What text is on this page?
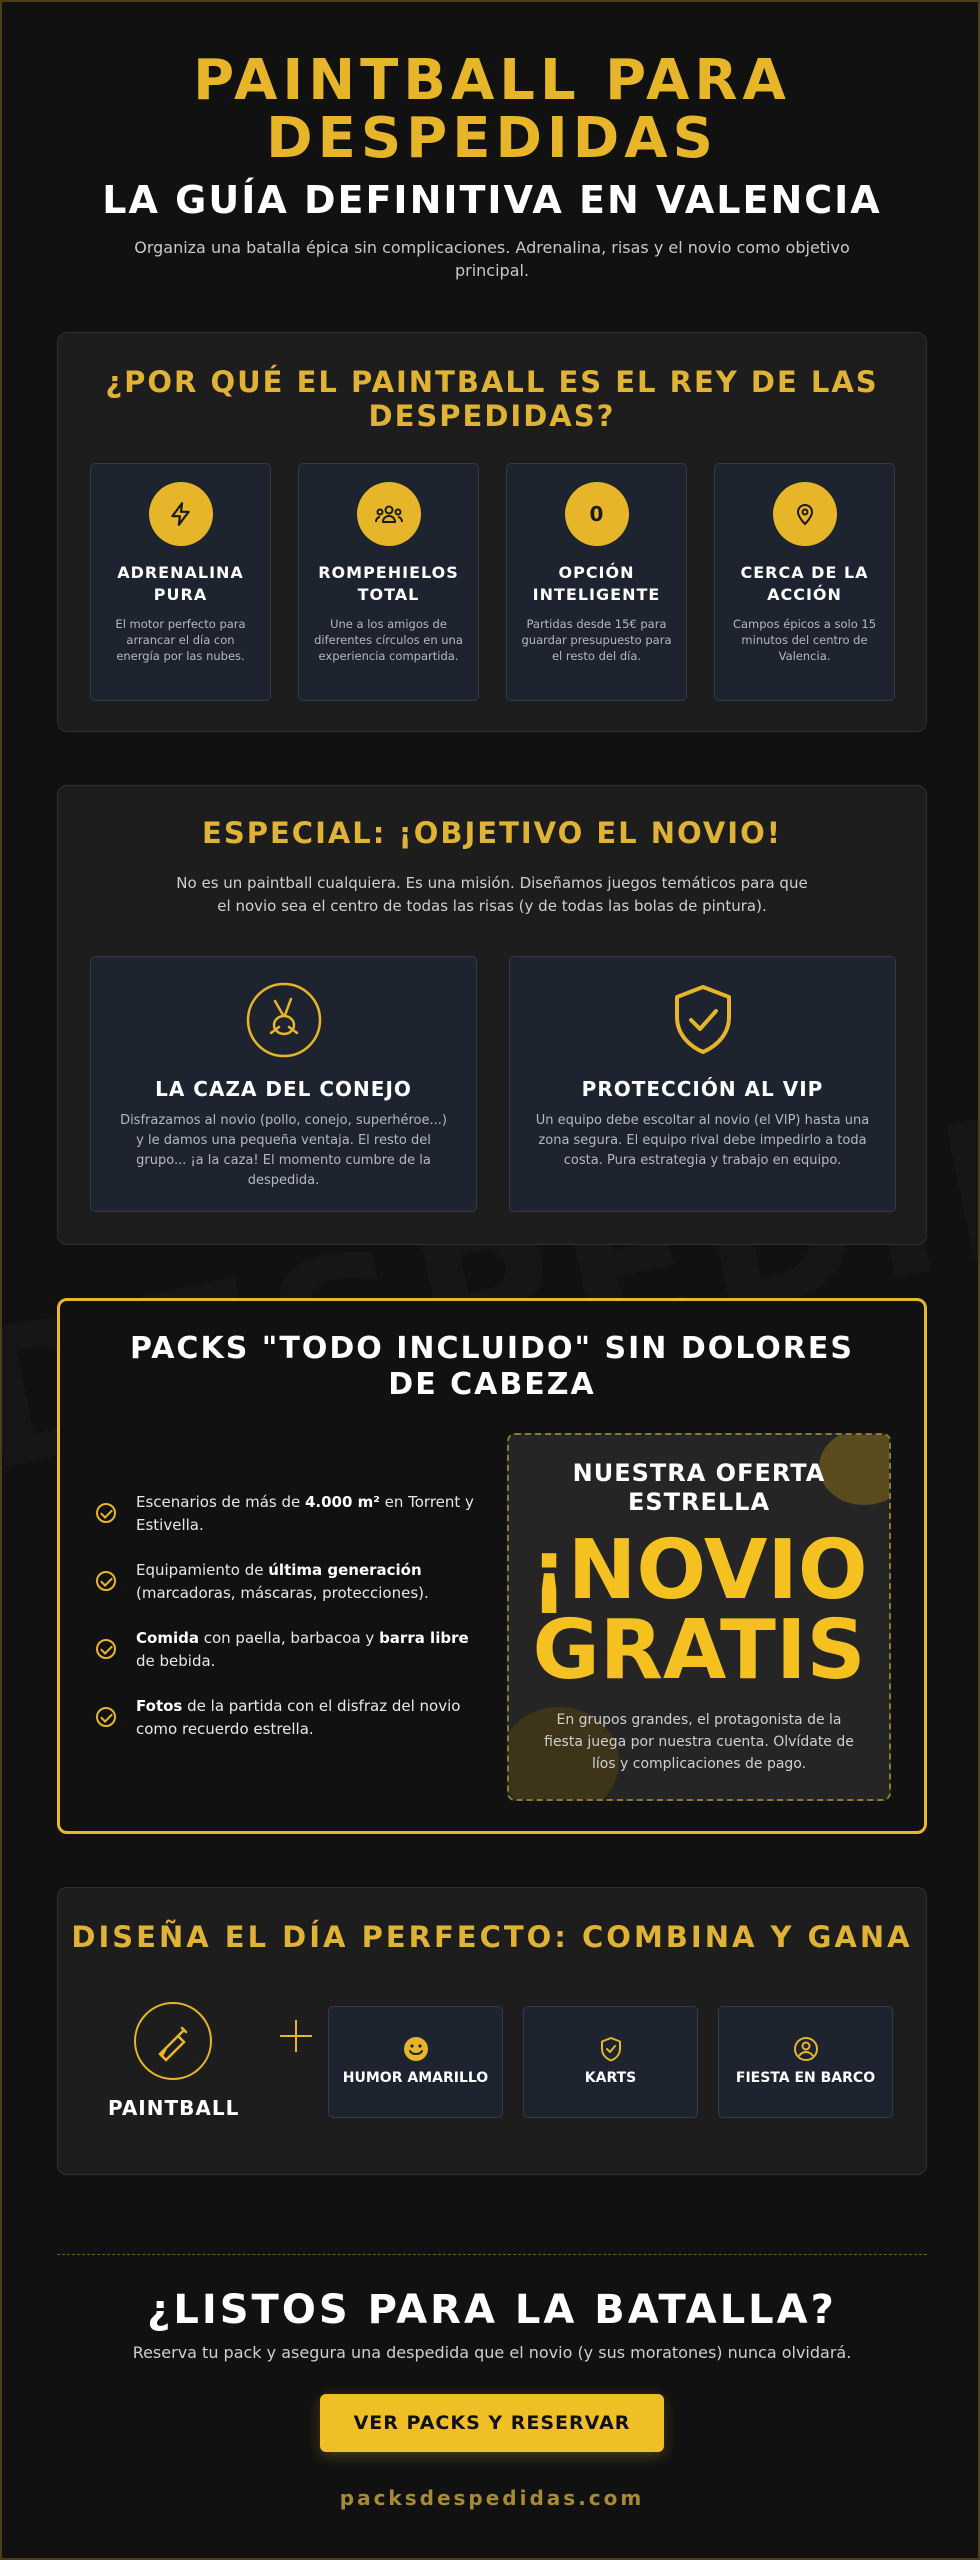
PAINTBALL PARA DESPEDIDAS
LA GUÍA DEFINITIVA EN VALENCIA

Organiza una batalla épica sin complicaciones. Adrenalina, risas y el novio como objetivo principal.

¿POR QUÉ EL PAINTBALL ES EL REY DE LAS DESPEDIDAS?
ADRENALINA PURA
El motor perfecto para arrancar el día con energía por las nubes.
ROMPEHIELOS TOTAL
Une a los amigos de diferentes círculos en una experiencia compartida.
0
OPCIÓN INTELIGENTE
Partidas desde 15€ para guardar presupuesto para el resto del día.
CERCA DE LA ACCIÓN
Campos épicos a solo 15 minutos del centro de Valencia.
ESPECIAL: ¡OBJETIVO EL NOVIO!

No es un paintball cualquiera. Es una misión. Diseñamos juegos temáticos para que el novio sea el centro de todas las risas (y de todas las bolas de pintura).

LA CAZA DEL CONEJO
Disfrazamos al novio (pollo, conejo, superhéroe...) y le damos una pequeña ventaja. El resto del grupo... ¡a la caza! El momento cumbre de la despedida.
PROTECCIÓN AL VIP
Un equipo debe escoltar al novio (el VIP) hasta una zona segura. El equipo rival debe impedirlo a toda costa. Pura estrategia y trabajo en equipo.
PACKS "TODO INCLUIDO" SIN DOLORES DE CABEZA
Escenarios de más de 4.000 m² en Torrent y Estivella.
Equipamiento de última generación (marcadoras, máscaras, protecciones).
Comida con paella, barbacoa y barra libre de bebida.
Fotos de la partida con el disfraz del novio como recuerdo estrella.
NUESTRA OFERTA ESTRELLA
¡NOVIO
GRATIS
En grupos grandes, el protagonista de la fiesta juega por nuestra cuenta. Olvídate de líos y complicaciones de pago.
DISEÑA EL DÍA PERFECTO: COMBINA Y GANA
PAINTBALL
HUMOR AMARILLO	KARTS	FIESTA EN BARCO
¿LISTOS PARA LA BATALLA?

Reserva tu pack y asegura una despedida que el novio (y sus moratones) nunca olvidará.

VER PACKS Y RESERVAR
packsdespedidas.com
